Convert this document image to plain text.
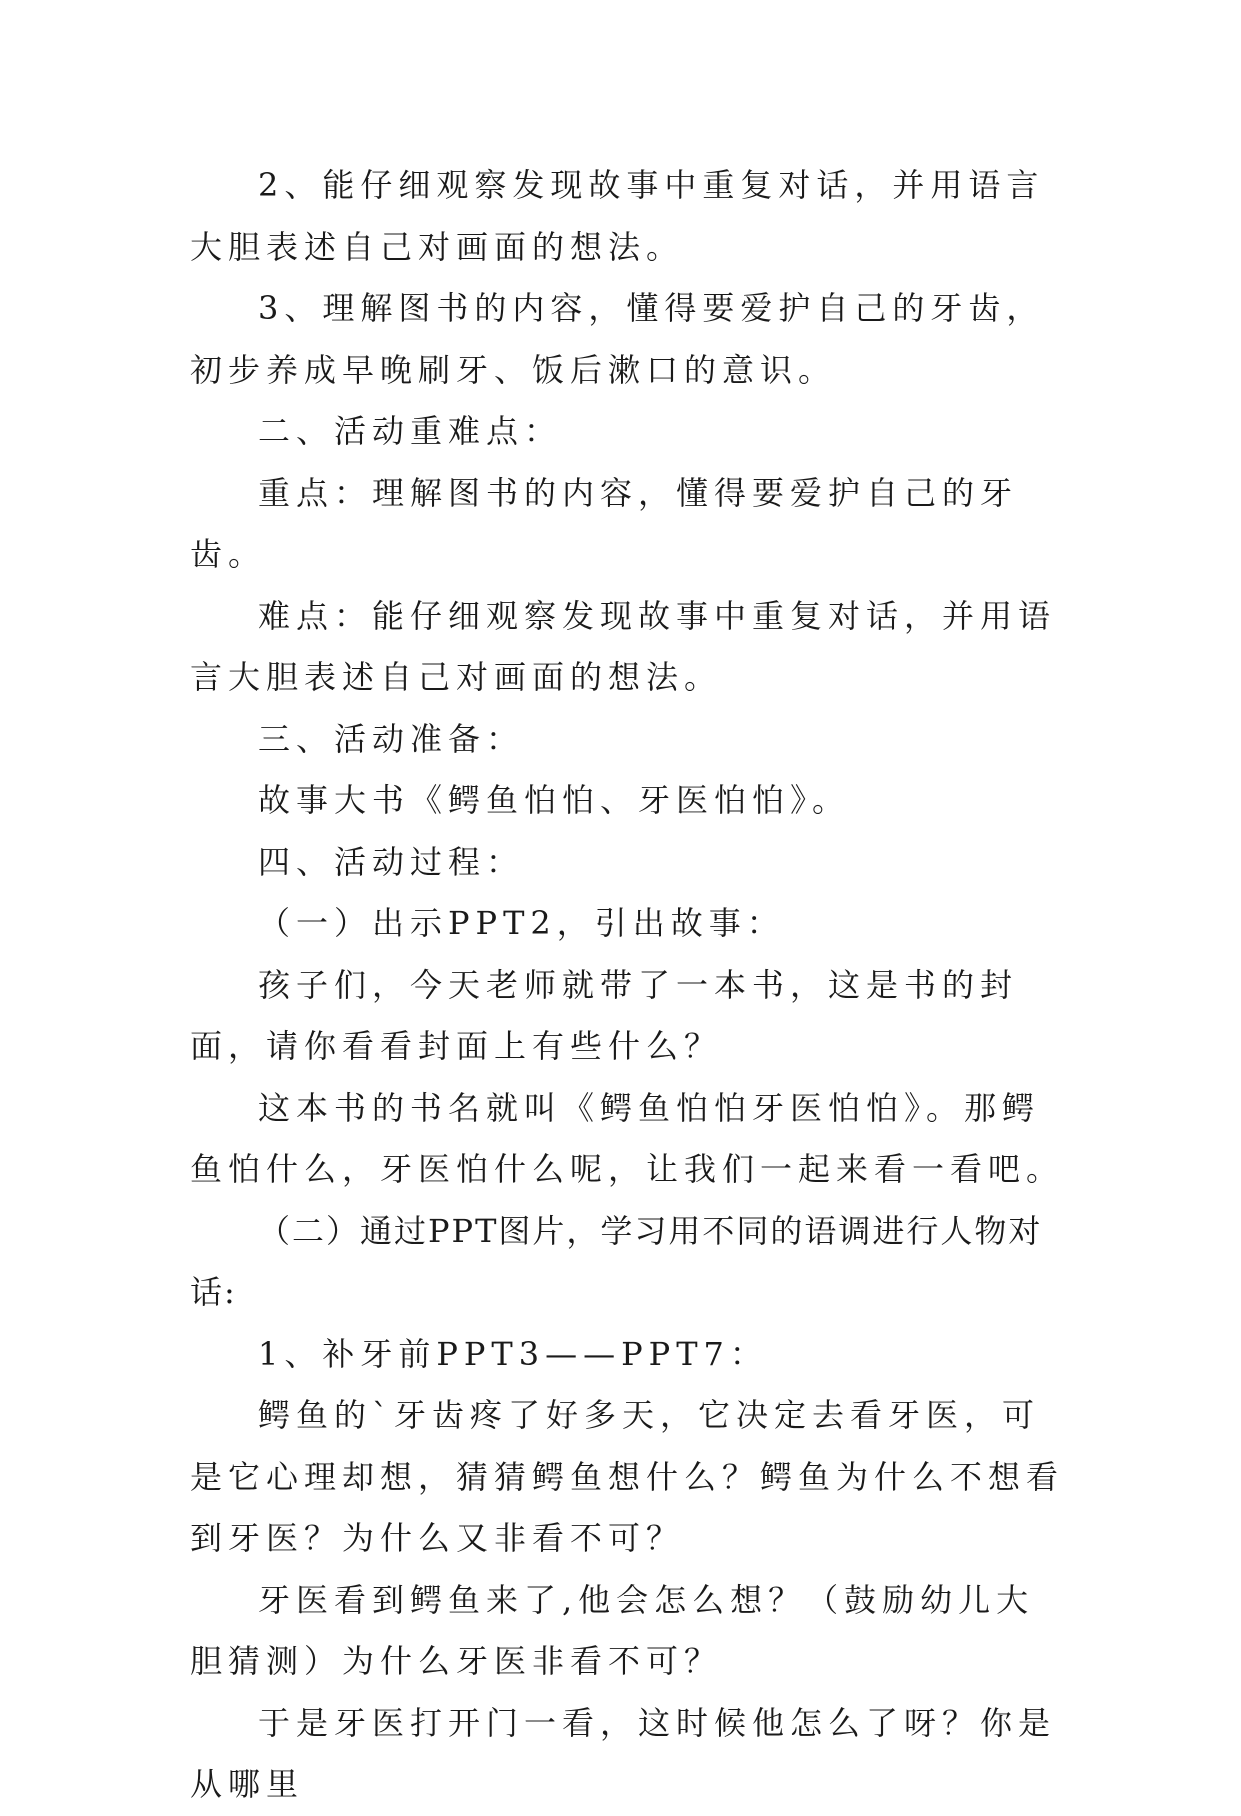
2、能仔细观察发现故事中重复对话，并用语言大胆表述自己对画面的想法。

3、理解图书的内容，懂得要爱护自己的牙齿，初步养成早晚刷牙、饭后漱口的意识。

二、活动重难点：

重点：理解图书的内容，懂得要爱护自己的牙齿。

难点：能仔细观察发现故事中重复对话，并用语言大胆表述自己对画面的想法。

三、活动准备：

故事大书《鳄鱼怕怕、牙医怕怕》。

四、活动过程：

（一）出示PPT2，引出故事：

孩子们，今天老师就带了一本书，这是书的封面，请你看看封面上有些什么？

这本书的书名就叫《鳄鱼怕怕牙医怕怕》。那鳄鱼怕什么，牙医怕什么呢，让我们一起来看一看吧。

（二）通过PPT图片，学习用不同的语调进行人物对话:

1、补牙前PPT3——PPT7：

鳄鱼的`牙齿疼了好多天，它决定去看牙医，可是它心理却想，猜猜鳄鱼想什么？鳄鱼为什么不想看到牙医？为什么又非看不可？

牙医看到鳄鱼来了,他会怎么想？（鼓励幼儿大胆猜测）为什么牙医非看不可？

于是牙医打开门一看，这时候他怎么了呀？你是从哪里
